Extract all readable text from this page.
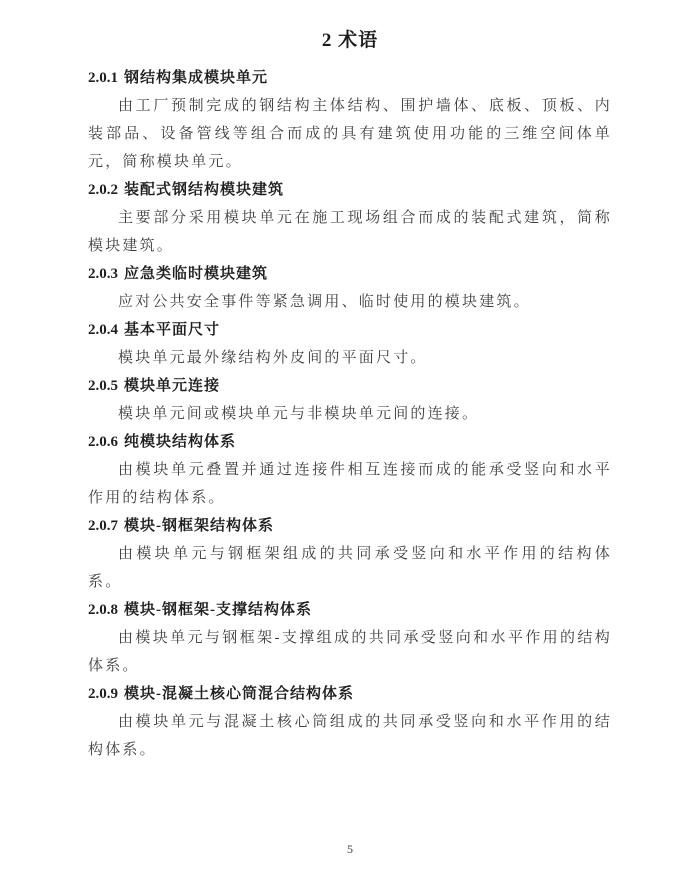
2 术语
2.0.1 钢结构集成模块单元

由工厂预制完成的钢结构主体结构、围护墙体、底板、顶板、内装部品、设备管线等组合而成的具有建筑使用功能的三维空间体单元，简称模块单元。

2.0.2 装配式钢结构模块建筑

主要部分采用模块单元在施工现场组合而成的装配式建筑，简称模块建筑。

2.0.3 应急类临时模块建筑

应对公共安全事件等紧急调用、临时使用的模块建筑。

2.0.4 基本平面尺寸

模块单元最外缘结构外皮间的平面尺寸。

2.0.5 模块单元连接

模块单元间或模块单元与非模块单元间的连接。

2.0.6 纯模块结构体系

由模块单元叠置并通过连接件相互连接而成的能承受竖向和水平作用的结构体系。

2.0.7 模块-钢框架结构体系

由模块单元与钢框架组成的共同承受竖向和水平作用的结构体系。

2.0.8 模块-钢框架-支撑结构体系

由模块单元与钢框架-支撑组成的共同承受竖向和水平作用的结构体系。

2.0.9 模块-混凝土核心筒混合结构体系

由模块单元与混凝土核心筒组成的共同承受竖向和水平作用的结构体系。

5
